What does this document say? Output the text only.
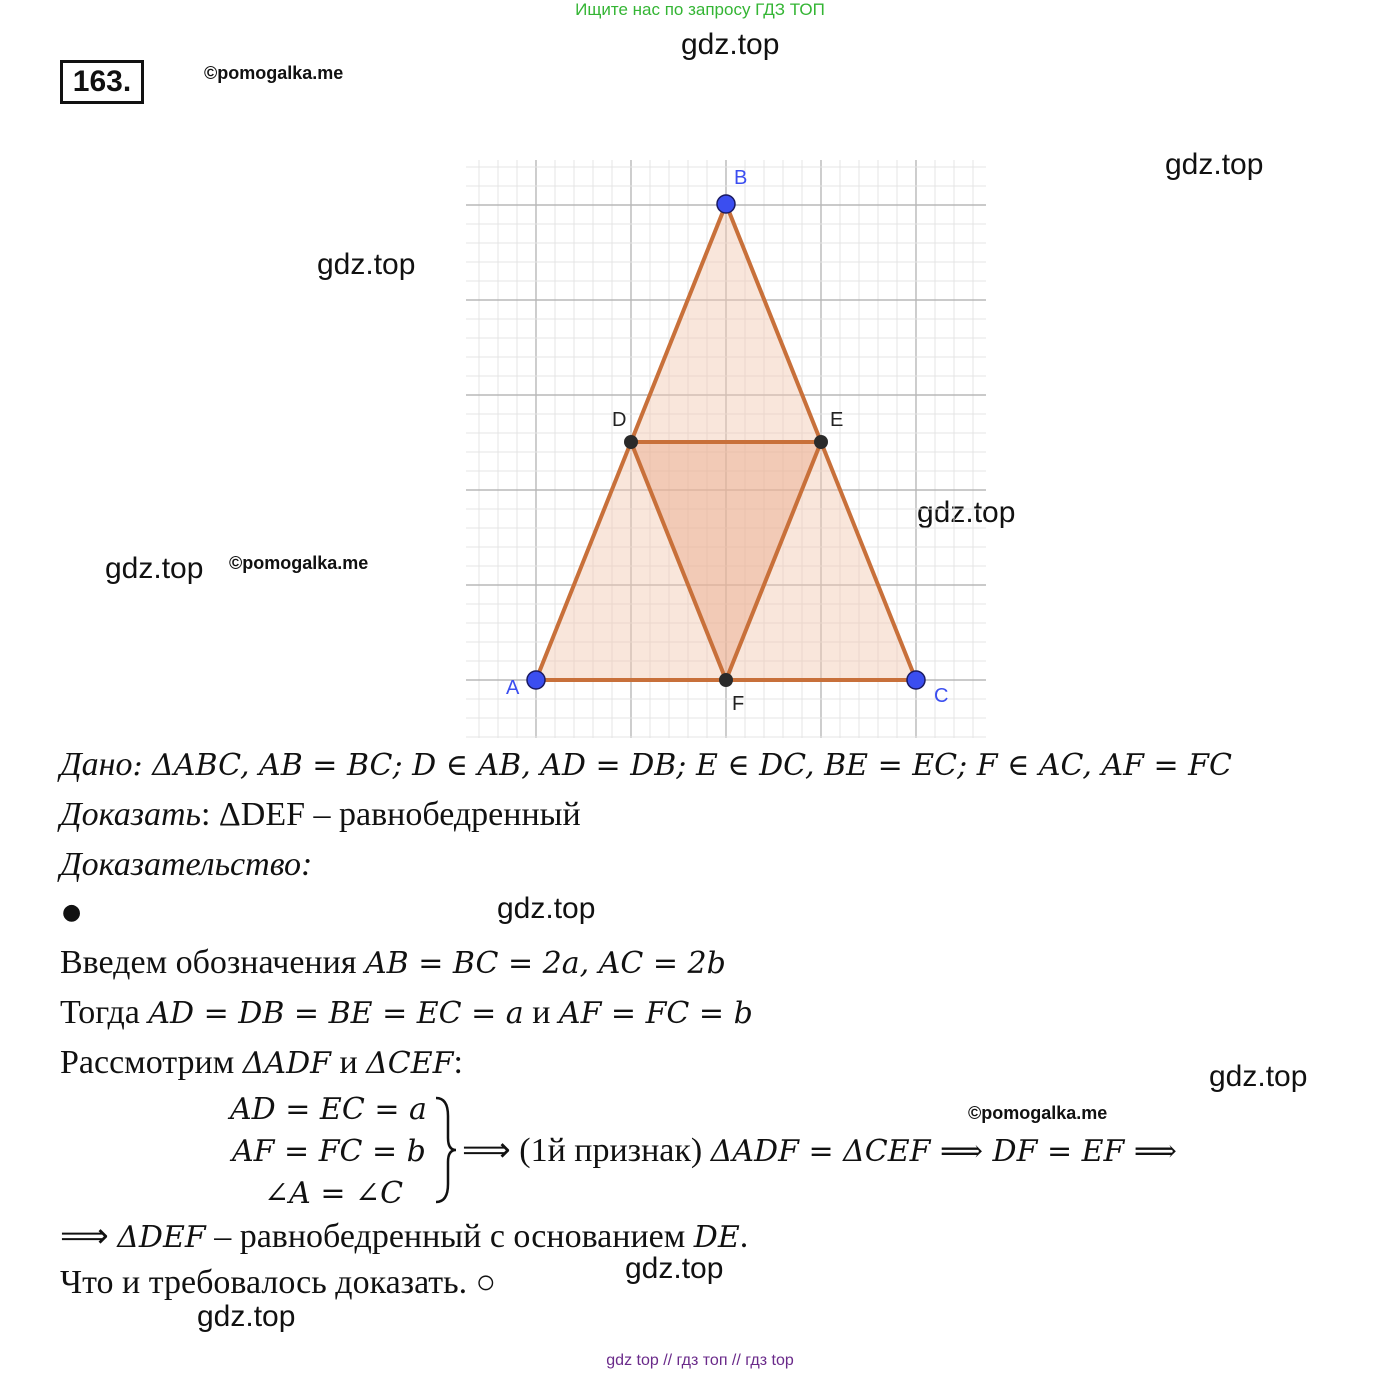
Ищите нас по запросу ГДЗ ТОП
163.	©pomogalka.me
gdz.top
gdz.top
gdz.top
gdz.top
gdz.top ©pomogalka.me
A
B
C
D	E
F
Дано: ΔABC, AB = BC; D ∈ AB, AD = DB; E ∈ DC, BE = EC; F ∈ AC, AF = FC
Доказать: ΔDEF – равнобедренный
Доказательство:
●	gdz.top
Введем обозначения AB = BC = 2a, AC = 2b
Тогда AD = DB = BE = EC = a и AF = FC = b
Рассмотрим ΔADF и ΔCEF:	gdz.top
©pomogalka.me
AD = EC = a
AF = FC = b
∠A = ∠C
⟹ (1й признак) ΔADF = ΔCEF ⟹ DF = EF ⟹
⟹ ΔDEF – равнобедренный с основанием DE.
Что и требовалось доказать. ○	gdz.top
gdz.top
gdz top // гдз топ // гдз top
